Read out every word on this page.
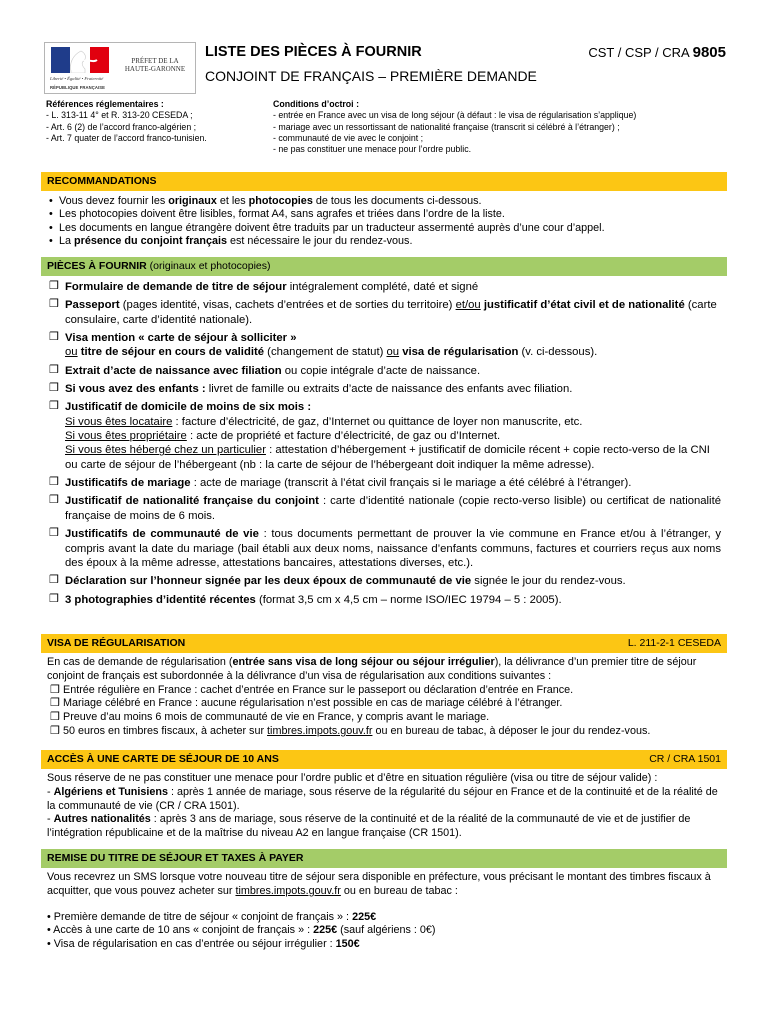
Liberté • Égalité • Fraternité
RÉPUBLIQUE FRANÇAISE
PRÉFET DE LA
HAUTE-GARONNE
LISTE DES PIÈCES À FOURNIR
CONJOINT DE FRANÇAIS – PREMIÈRE DEMANDE
CST / CSP / CRA 9805
Références réglementaires :
- L. 313-11 4° et R. 313-20 CESEDA ;
- Art. 6 (2) de l’accord franco-algérien ;
- Art. 7 quater de l’accord franco-tunisien.
Conditions d’octroi :
- entrée en France avec un visa de long séjour (à défaut : le visa de régularisation s’applique)
- mariage avec un ressortissant de nationalité française (transcrit si célébré à l’étranger) ;
- communauté de vie avec le conjoint ;
- ne pas constituer une menace pour l’ordre public.
RECOMMANDATIONS
• Vous devez fournir les originaux et les photocopies de tous les documents ci-dessous.
• Les photocopies doivent être lisibles, format A4, sans agrafes et triées dans l’ordre de la liste.
• Les documents en langue étrangère doivent être traduits par un traducteur assermenté auprès d’une cour d’appel.
• La présence du conjoint français est nécessaire le jour du rendez-vous.
PIÈCES À FOURNIR (originaux et photocopies)
❒ Formulaire de demande de titre de séjour intégralement complété, daté et signé
❒ Passeport (pages identité, visas, cachets d’entrées et de sorties du territoire) et/ou justificatif d’état civil et de nationalité (carte consulaire, carte d’identité nationale).
❒ Visa mention « carte de séjour à solliciter »
ou titre de séjour en cours de validité (changement de statut) ou visa de régularisation (v. ci-dessous).
❒ Extrait d’acte de naissance avec filiation ou copie intégrale d’acte de naissance.
❒ Si vous avez des enfants : livret de famille ou extraits d’acte de naissance des enfants avec filiation.
❒ Justificatif de domicile de moins de six mois :
Si vous êtes locataire : facture d’électricité, de gaz, d’Internet ou quittance de loyer non manuscrite, etc.
Si vous êtes propriétaire : acte de propriété et facture d’électricité, de gaz ou d’Internet.
Si vous êtes hébergé chez un particulier : attestation d’hébergement + justificatif de domicile récent + copie recto-verso de la CNI ou carte de séjour de l’hébergeant (nb : la carte de séjour de l’hébergeant doit indiquer la même adresse).
❒ Justificatifs de mariage : acte de mariage (transcrit à l’état civil français si le mariage a été célébré à l’étranger).
❒ Justificatif de nationalité française du conjoint : carte d’identité nationale (copie recto-verso lisible) ou certificat de nationalité française de moins de 6 mois.
❒ Justificatifs de communauté de vie : tous documents permettant de prouver la vie commune en France et/ou à l’étranger, y compris avant la date du mariage (bail établi aux deux noms, naissance d’enfants communs, factures et courriers reçus aux noms des époux à la même adresse, attestations bancaires, attestations diverses, etc.).
❒ Déclaration sur l’honneur signée par les deux époux de communauté de vie signée le jour du rendez-vous.
❒ 3 photographies d’identité récentes (format 3,5 cm x 4,5 cm – norme ISO/IEC 19794 – 5 : 2005).
VISA DE RÉGULARISATION	L. 211-2-1 CESEDA
En cas de demande de régularisation (entrée sans visa de long séjour ou séjour irrégulier), la délivrance d’un premier titre de séjour conjoint de français est subordonnée à la délivrance d’un visa de régularisation aux conditions suivantes :
❒ Entrée régulière en France : cachet d’entrée en France sur le passeport ou déclaration d’entrée en France.
❒ Mariage célébré en France : aucune régularisation n’est possible en cas de mariage célébré à l’étranger.
❒ Preuve d’au moins 6 mois de communauté de vie en France, y compris avant le mariage.
❒ 50 euros en timbres fiscaux, à acheter sur timbres.impots.gouv.fr ou en bureau de tabac, à déposer le jour du rendez-vous.
ACCÈS À UNE CARTE DE SÉJOUR DE 10 ANS	CR / CRA 1501
Sous réserve de ne pas constituer une menace pour l’ordre public et d’être en situation régulière (visa ou titre de séjour valide) :
- Algériens et Tunisiens : après 1 année de mariage, sous réserve de la régularité du séjour en France et de la continuité et de la réalité de la communauté de vie (CR / CRA 1501).
- Autres nationalités : après 3 ans de mariage, sous réserve de la continuité et de la réalité de la communauté de vie et de justifier de l’intégration républicaine et de la maîtrise du niveau A2 en langue française (CR 1501).
REMISE DU TITRE DE SÉJOUR ET TAXES À PAYER
Vous recevrez un SMS lorsque votre nouveau titre de séjour sera disponible en préfecture, vous précisant le montant des timbres fiscaux à acquitter, que vous pouvez acheter sur timbres.impots.gouv.fr ou en bureau de tabac :
• Première demande de titre de séjour « conjoint de français » : 225€
• Accès à une carte de 10 ans « conjoint de français » : 225€ (sauf algériens : 0€)
• Visa de régularisation en cas d’entrée ou séjour irrégulier : 150€
